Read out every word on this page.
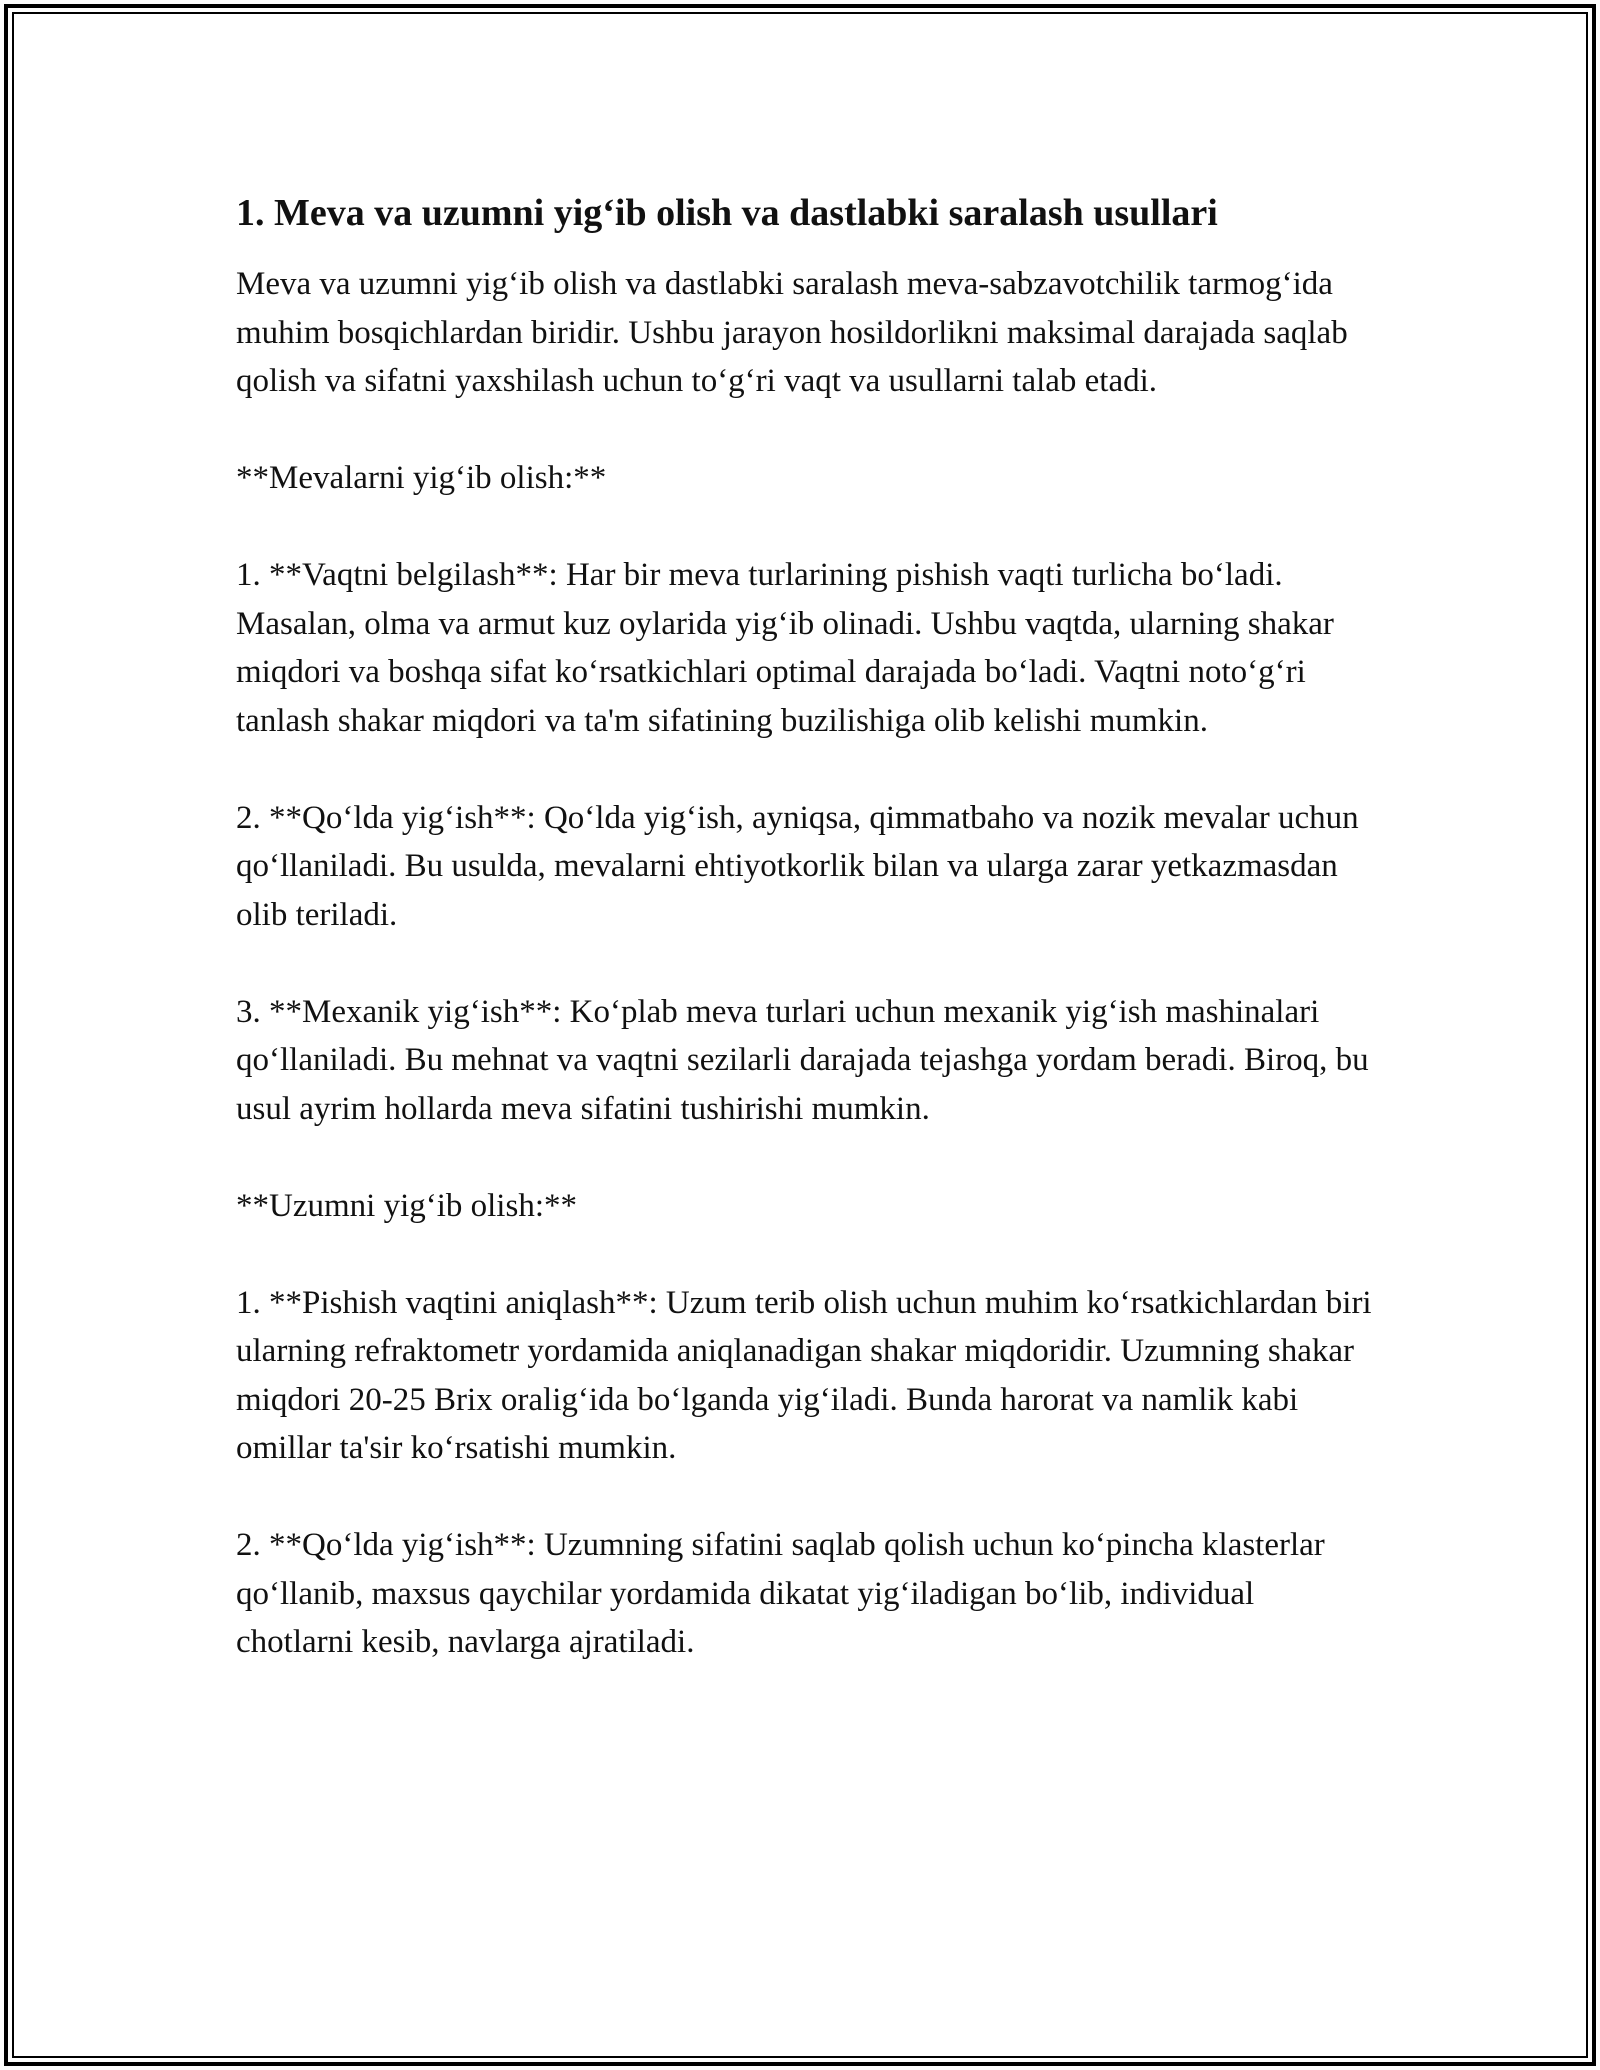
1. Meva va uzumni yig‘ib olish va dastlabki saralash usullari

Meva va uzumni yig‘ib olish va dastlabki saralash meva-sabzavotchilik tarmog‘ida muhim bosqichlardan biridir. Ushbu jarayon hosildorlikni maksimal darajada saqlab qolish va sifatni yaxshilash uchun to‘g‘ri vaqt va usullarni talab etadi.

**Mevalarni yig‘ib olish:**

1. **Vaqtni belgilash**: Har bir meva turlarining pishish vaqti turlicha bo‘ladi. Masalan, olma va armut kuz oylarida yig‘ib olinadi. Ushbu vaqtda, ularning shakar miqdori va boshqa sifat ko‘rsatkichlari optimal darajada bo‘ladi. Vaqtni noto‘g‘ri tanlash shakar miqdori va ta'm sifatining buzilishiga olib kelishi mumkin.

2. **Qo‘lda yig‘ish**: Qo‘lda yig‘ish, ayniqsa, qimmatbaho va nozik mevalar uchun qo‘llaniladi. Bu usulda, mevalarni ehtiyotkorlik bilan va ularga zarar yetkazmasdan olib teriladi.

3. **Mexanik yig‘ish**: Ko‘plab meva turlari uchun mexanik yig‘ish mashinalari qo‘llaniladi. Bu mehnat va vaqtni sezilarli darajada tejashga yordam beradi. Biroq, bu usul ayrim hollarda meva sifatini tushirishi mumkin.

**Uzumni yig‘ib olish:**

1. **Pishish vaqtini aniqlash**: Uzum terib olish uchun muhim ko‘rsatkichlardan biri ularning refraktometr yordamida aniqlanadigan shakar miqdoridir. Uzumning shakar miqdori 20-25 Brix oralig‘ida bo‘lganda yig‘iladi. Bunda harorat va namlik kabi omillar ta'sir ko‘rsatishi mumkin.

2. **Qo‘lda yig‘ish**: Uzumning sifatini saqlab qolish uchun ko‘pincha klasterlar qo‘llanib, maxsus qaychilar yordamida dikatat yig‘iladigan bo‘lib, individual chotlarni kesib, navlarga ajratiladi.
